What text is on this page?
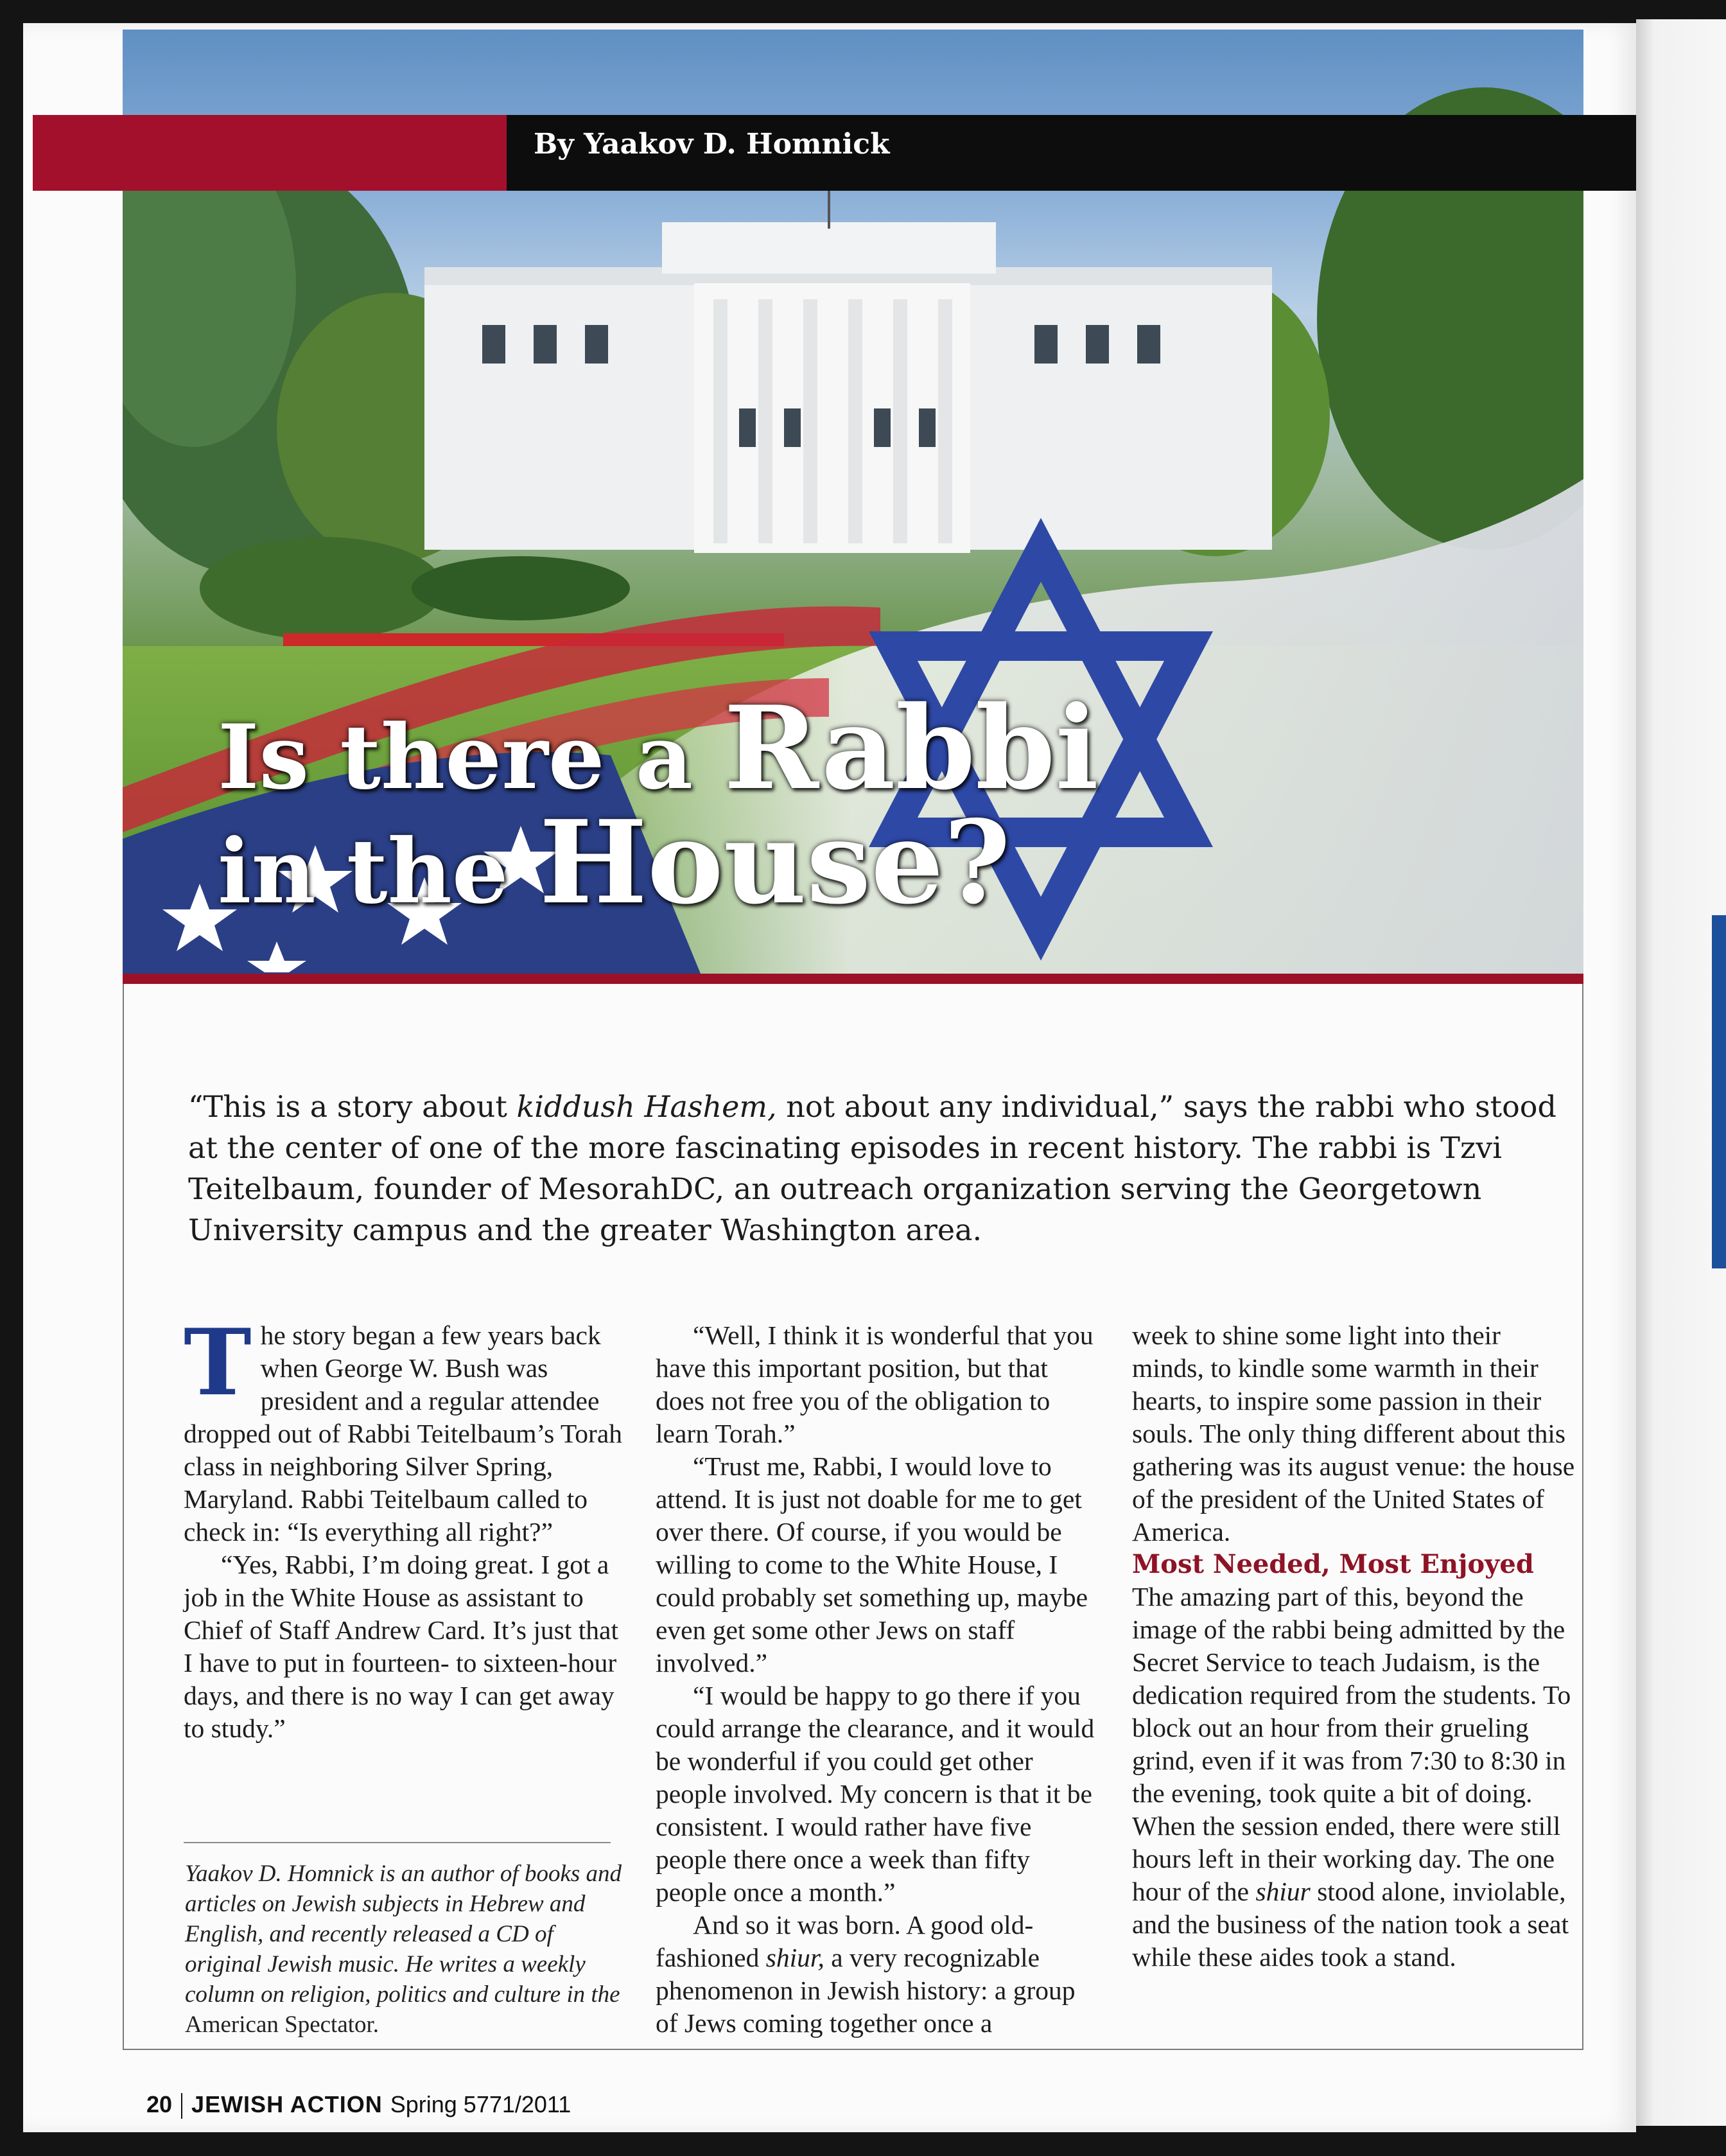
Is there a Rabbi
in the House?
By Yaakov D. Homnick
“This is a story about kiddush Hashem, not about any individual,” says the rabbi who stood at the center of one of the more fascinating episodes in recent history. The rabbi is Tzvi Teitelbaum, founder of MesorahDC, an outreach organization serving the Georgetown University campus and the greater Washington area.

The story began a few years back when George W. Bush was president and a regular attendee dropped out of Rabbi Teitelbaum’s Torah class in neighboring Silver Spring, Maryland. Rabbi Teitelbaum called to check in: “Is everything all right?”

“Yes, Rabbi, I’m doing great. I got a job in the White House as assistant to Chief of Staff Andrew Card. It’s just that I have to put in fourteen- to sixteen-hour days, and there is no way I can get away to study.”

“Well, I think it is wonderful that you have this important position, but that does not free you of the obligation to learn Torah.”

“Trust me, Rabbi, I would love to attend. It is just not doable for me to get over there. Of course, if you would be willing to come to the White House, I could probably set something up, maybe even get some other Jews on staff involved.”

“I would be happy to go there if you could arrange the clearance, and it would be wonderful if you could get other people involved. My concern is that it be consistent. I would rather have five people there once a week than fifty people once a month.”

And so it was born. A good old-fashioned shiur, a very recognizable phenomenon in Jewish history: a group of Jews coming together once a

week to shine some light into their minds, to kindle some warmth in their hearts, to inspire some passion in their souls. The only thing different about this gathering was its august venue: the house of the president of the United States of America.

Most Needed, Most Enjoyed

The amazing part of this, beyond the image of the rabbi being admitted by the Secret Service to teach Judaism, is the dedication required from the students. To block out an hour from their grueling grind, even if it was from 7:30 to 8:30 in the evening, took quite a bit of doing. When the session ended, there were still hours left in their working day. The one hour of the shiur stood alone, inviolable, and the business of the nation took a seat while these aides took a stand.

Yaakov D. Homnick is an author of books and articles on Jewish subjects in Hebrew and English, and recently released a CD of original Jewish music. He writes a weekly column on religion, politics and culture in the American Spectator.
20 JEWISH ACTION Spring 5771/2011
